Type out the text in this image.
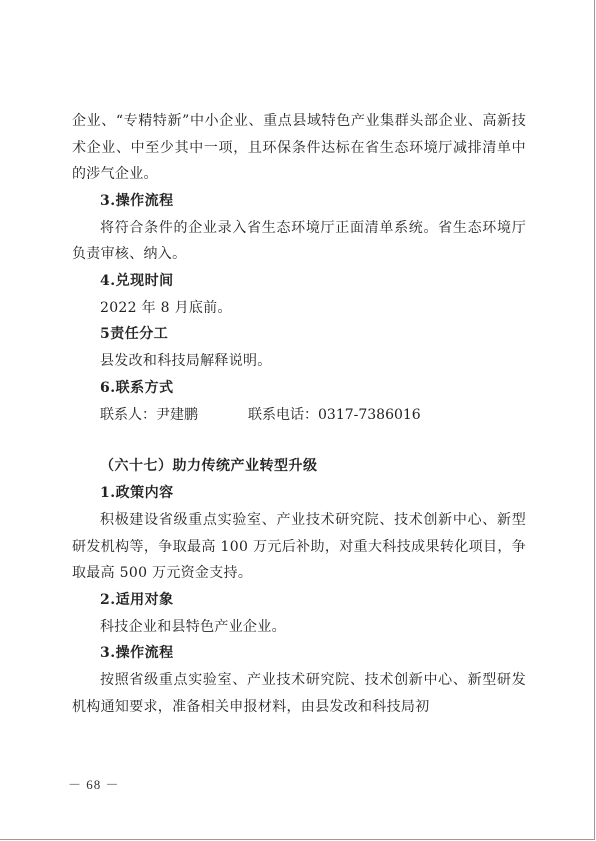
企业、“专精特新”中小企业、重点县域特色产业集群头部企业、高新技术企业、中至少其中一项，且环保条件达标在省生态环境厅减排清单中的涉气企业。

3.操作流程

将符合条件的企业录入省生态环境厅正面清单系统。省生态环境厅负责审核、纳入。

4.兑现时间

2022 年 8 月底前。

5责任分工

县发改和科技局解释说明。

6.联系方式

联系人：尹建鹏	联系电话：0317-7386016

（六十七）助力传统产业转型升级

1.政策内容

积极建设省级重点实验室、产业技术研究院、技术创新中心、新型研发机构等，争取最高 100 万元后补助，对重大科技成果转化项目，争取最高 500 万元资金支持。

2.适用对象

科技企业和县特色产业企业。

3.操作流程

按照省级重点实验室、产业技术研究院、技术创新中心、新型研发机构通知要求，准备相关申报材料，由县发改和科技局初

－ 68 －
